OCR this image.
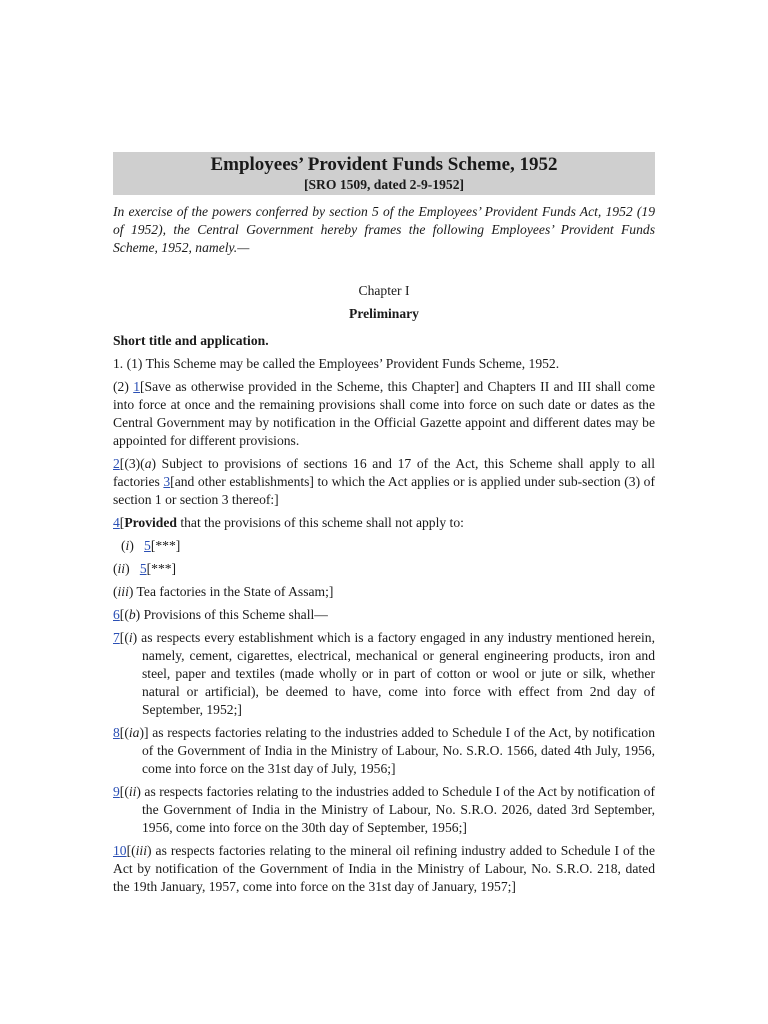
Employees’ Provident Funds Scheme, 1952
[SRO 1509, dated 2-9-1952]
In exercise of the powers conferred by section 5 of the Employees’ Provident Funds Act, 1952 (19 of 1952), the Central Government hereby frames the following Employees’ Provident Funds Scheme, 1952, namely.—
Chapter I
Preliminary
Short title and application.

1. (1) This Scheme may be called the Employees’ Provident Funds Scheme, 1952.

(2) 1[Save as otherwise provided in the Scheme, this Chapter] and Chapters II and III shall come into force at once and the remaining provisions shall come into force on such date or dates as the Central Government may by notification in the Official Gazette appoint and different dates may be appointed for different provisions.

2[(3)(a) Subject to provisions of sections 16 and 17 of the Act, this Scheme shall apply to all factories 3[and other establishments] to which the Act applies or is applied under sub-section (3) of section 1 or section 3 thereof:]

4[Provided that the provisions of this scheme shall not apply to:

(i)   5[***]

(ii)   5[***]

(iii) Tea factories in the State of Assam;]

6[(b) Provisions of this Scheme shall—

7[(i) as respects every establishment which is a factory engaged in any industry mentioned herein, namely, cement, cigarettes, electrical, mechanical or general engineering products, iron and steel, paper and textiles (made wholly or in part of cotton or wool or jute or silk, whether natural or artificial), be deemed to have, come into force with effect from 2nd day of September, 1952;]

8[(ia)] as respects factories relating to the industries added to Schedule I of the Act, by notification of the Government of India in the Ministry of Labour, No. S.R.O. 1566, dated 4th July, 1956, come into force on the 31st day of July, 1956;]

9[(ii) as respects factories relating to the industries added to Schedule I of the Act by notification of the Government of India in the Ministry of Labour, No. S.R.O. 2026, dated 3rd September, 1956, come into force on the 30th day of September, 1956;]

10[(iii) as respects factories relating to the mineral oil refining industry added to Schedule I of the Act by notification of the Government of India in the Ministry of Labour, No. S.R.O. 218, dated the 19th January, 1957, come into force on the 31st day of January, 1957;]
